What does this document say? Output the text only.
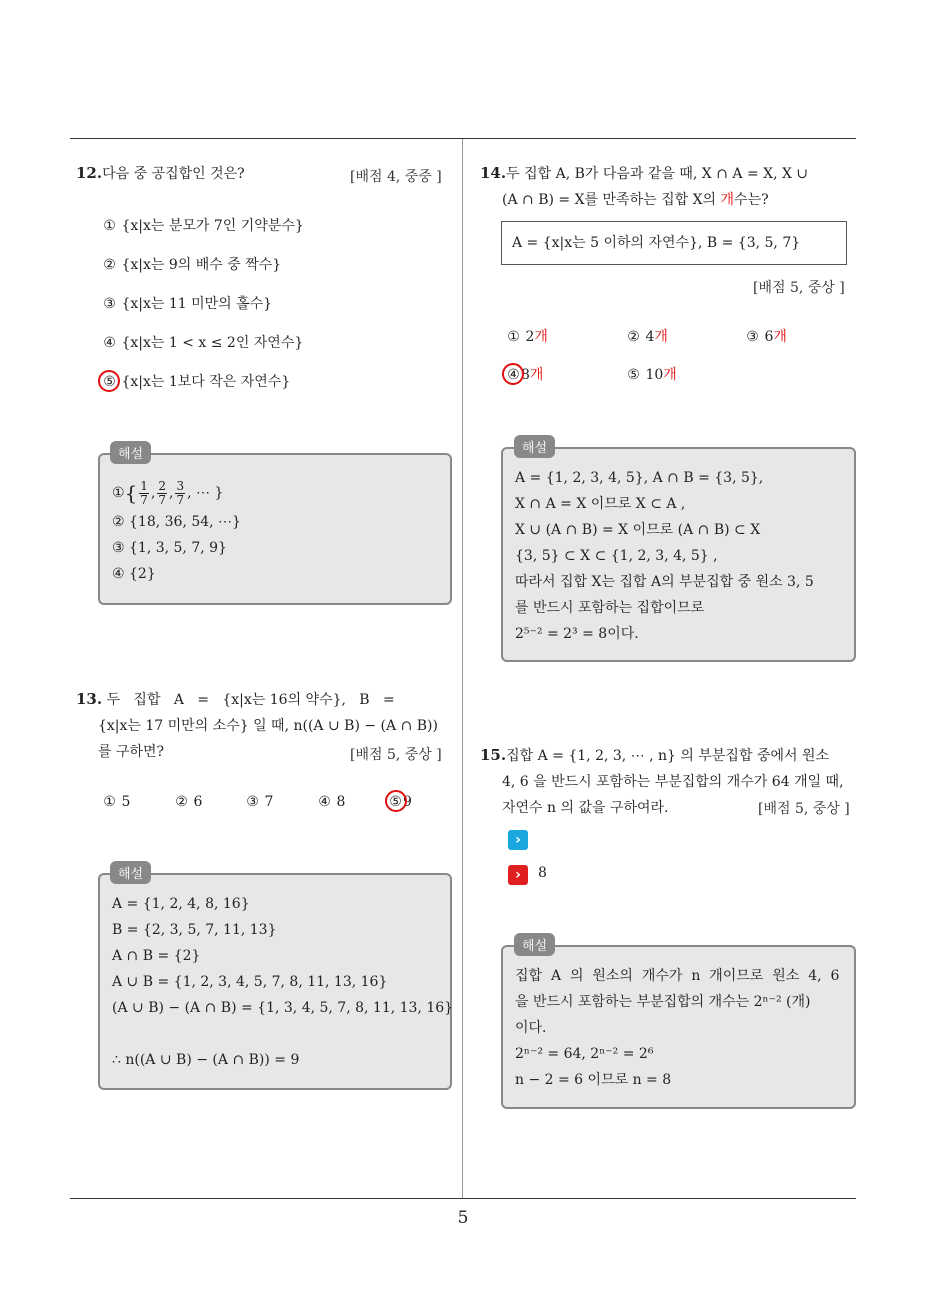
5
12.다음 중 공집합인 것은?	[배점 4, 중중 ]
① {x|x는 분모가 7인 기약분수}
② {x|x는 9의 배수 중 짝수}
③ {x|x는 11 미만의 홀수}
④ {x|x는 1 < x ≤ 2인 자연수}
⑤ {x|x는 1보다 작은 자연수}
①{ $\frac{1}{7}$ , $\frac{2}{7}$ , $\frac{3}{7}$ , ⋯ }
② {18, 36, 54, ⋯}
③ {1, 3, 5, 7, 9}
④ {2}
해설
13. 두   집합   A   =   {x|x는 16의 약수},   B   =
{x|x는 17 미만의 소수} 일 때, n((A ∪ B) − (A ∩ B))
를 구하면?	[배점 5, 중상 ]
① 5	② 6	③ 7	④ 8	⑤9
A = {1, 2, 4, 8, 16}
B = {2, 3, 5, 7, 11, 13}
A ∩ B = {2}
A ∪ B = {1, 2, 3, 4, 5, 7, 8, 11, 13, 16}
(A ∪ B) − (A ∩ B) = {1, 3, 4, 5, 7, 8, 11, 13, 16}
∴ n((A ∪ B) − (A ∩ B)) = 9
해설
14.두 집합 A, B가 다음과 같을 때, X ∩ A = X, X ∪
(A ∩ B) = X를 만족하는 집합 X의 개수는?
A = {x|x는 5 이하의 자연수}, B = {3, 5, 7}
[배점 5, 중상 ]
① 2개	② 4개	③ 6개
④8개	⑤ 10개
A = {1, 2, 3, 4, 5}, A ∩ B = {3, 5},
X ∩ A = X 이므로 X ⊂ A ,
X ∪ (A ∩ B) = X 이므로 (A ∩ B) ⊂ X
{3, 5} ⊂ X ⊂ {1, 2, 3, 4, 5} ,
따라서 집합 X는 집합 A의 부분집합 중 원소 3, 5
를 반드시 포함하는 집합이므로
2⁵⁻² = 2³ = 8이다.
해설
15.집합 A = {1, 2, 3, ⋯ , n} 의 부분집합 중에서 원소
4, 6 을 반드시 포함하는 부분집합의 개수가 64 개일 때,
자연수 n 의 값을 구하여라.	[배점 5, 중상 ]
›
›	8
집합  A  의  원소의  개수가  n  개이므로  원소  4,  6
을 반드시 포함하는 부분집합의 개수는 2ⁿ⁻² (개)
이다.
2ⁿ⁻² = 64, 2ⁿ⁻² = 2⁶
n − 2 = 6 이므로 n = 8
해설
